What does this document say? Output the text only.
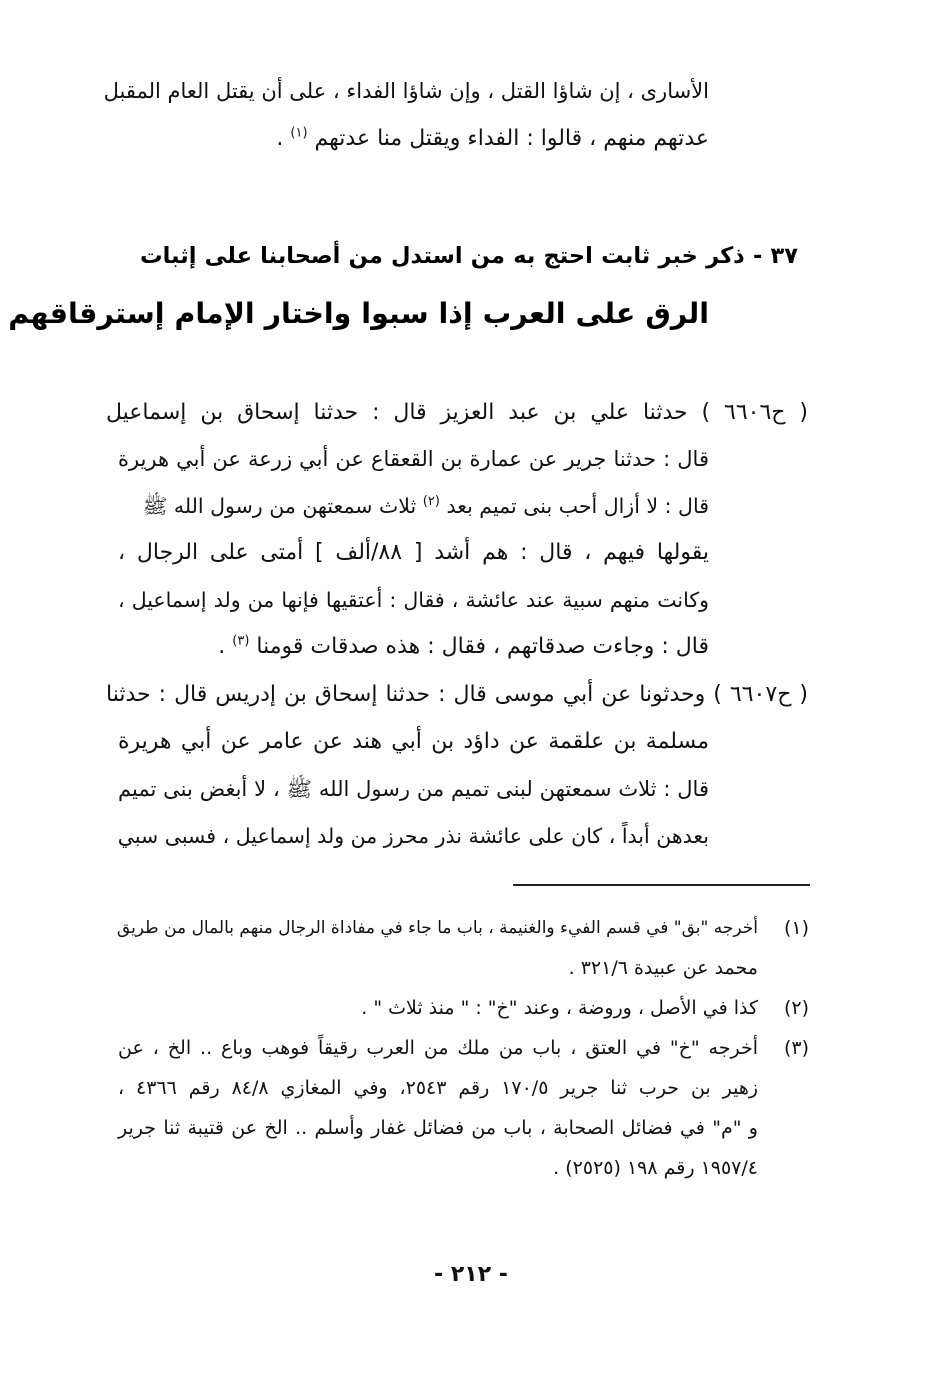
الأسارى ، إن شاؤا القتل ، وإن شاؤا الفداء ، على أن يقتل العام المقبل
عدتهم منهم ، قالوا : الفداء ويقتل منا عدتهم $^{(١)}$ .
٣٧ - ذكر خبر ثابت احتج به من استدل من أصحابنا على إثبات
الرق على العرب إذا سبوا واختار الإمام إسترقاقهم
( ح٦٦٠٦ ) حدثنا علي بن عبد العزيز قال : حدثنا إسحاق بن إسماعيل
قال : حدثنا جرير عن عمارة بن القعقاع عن أبي زرعة عن أبي هريرة
قال : لا أزال أحب بنى تميم بعد $^{(٢)}$ ثلاث سمعتهن من رسول الله ﷺ
يقولها فيهم ، قال : هم أشد [ ٨٨/ألف ] أمتى على الرجال ،
وكانت منهم سبية عند عائشة ، فقال : أعتقيها فإنها من ولد إسماعيل ،
قال : وجاءت صدقاتهم ، فقال : هذه صدقات قومنا $^{(٣)}$ .
( ح٦٦٠٧ ) وحدثونا عن أبي موسى قال : حدثنا إسحاق بن إدريس قال : حدثنا
مسلمة بن علقمة عن داؤد بن أبي هند عن عامر عن أبي هريرة
قال : ثلاث سمعتهن لبنى تميم من رسول الله ﷺ ، لا أبغض بنى تميم
بعدهن أبداً ، كان على عائشة نذر محرز من ولد إسماعيل ، فسبى سبي
(١)
أخرجه "بق" في قسم الفيء والغنيمة ، باب ما جاء في مفاداة الرجال منهم بالمال من طريق
محمد عن عبيدة ٣٢١/٦ .
(٢)
كذا في الأصل ، وروضة ، وعند "خ" : " منذ ثلاث " .
(٣)
أخرجه "خ" في العتق ، باب من ملك من العرب رقيقاً فوهب وباع .. الخ ، عن
زهير بن حرب ثنا جرير ١٧٠/٥ رقم ٢٥٤٣، وفي المغازي ٨٤/٨ رقم ٤٣٦٦ ،
و "م" في فضائل الصحابة ، باب من فضائل غفار وأسلم .. الخ عن قتيبة ثنا جرير
١٩٥٧/٤ رقم ١٩٨ (٢٥٢٥) .
- ٢١٢ -
